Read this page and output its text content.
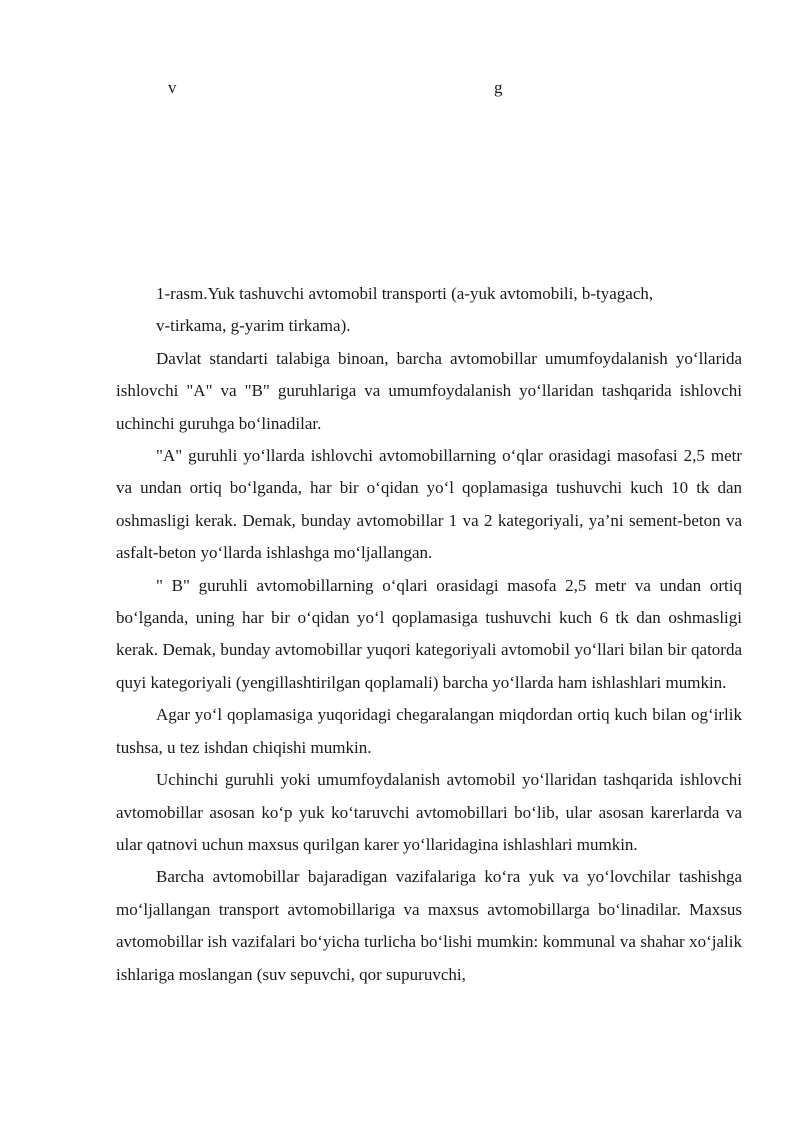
v	g

1-rasm.Yuk tashuvchi avtomobil transporti (a-yuk avtomobili, b-tyagach,

v-tirkama, g-yarim tirkama).

Davlat standarti talabiga binoan, barcha avtomobillar umumfoydalanish yo‘llarida ishlovchi "A" va "B" guruhlariga va umumfoydalanish yo‘llaridan tashqarida ishlovchi uchinchi guruhga bo‘linadilar.

"A" guruhli yo‘llarda ishlovchi avtomobillarning o‘qlar orasidagi masofasi 2,5 metr va undan ortiq bo‘lganda, har bir o‘qidan yo‘l qoplamasiga tushuvchi kuch 10 tk dan oshmasligi kerak. Demak, bunday avtomobillar 1 va 2 kategoriyali, ya’ni sement-beton va asfalt-beton yo‘llarda ishlashga mo‘ljallangan.

" B" guruhli avtomobillarning o‘qlari orasidagi masofa 2,5 metr va undan ortiq bo‘lganda, uning har bir o‘qidan yo‘l qoplamasiga tushuvchi kuch 6 tk dan oshmasligi kerak. Demak, bunday avtomobillar yuqori kategoriyali avtomobil yo‘llari bilan bir qatorda quyi kategoriyali (yengillashtirilgan qoplamali) barcha yo‘llarda ham ishlashlari mumkin.

Agar yo‘l qoplamasiga yuqoridagi chegaralangan miqdordan ortiq kuch bilan og‘irlik tushsa, u tez ishdan chiqishi mumkin.

Uchinchi guruhli yoki umumfoydalanish avtomobil yo‘llaridan tashqarida ishlovchi avtomobillar asosan ko‘p yuk ko‘taruvchi avtomobillari bo‘lib, ular asosan karerlarda va ular qatnovi uchun maxsus qurilgan karer yo‘llaridagina ishlashlari mumkin.

Barcha avtomobillar bajaradigan vazifalariga ko‘ra yuk va yo‘lovchilar tashishga mo‘ljallangan transport avtomobillariga va maxsus avtomobillarga bo‘linadilar. Maxsus avtomobillar ish vazifalari bo‘yicha turlicha bo‘lishi mumkin: kommunal va shahar xo‘jalik ishlariga moslangan (suv sepuvchi, qor supuruvchi,
